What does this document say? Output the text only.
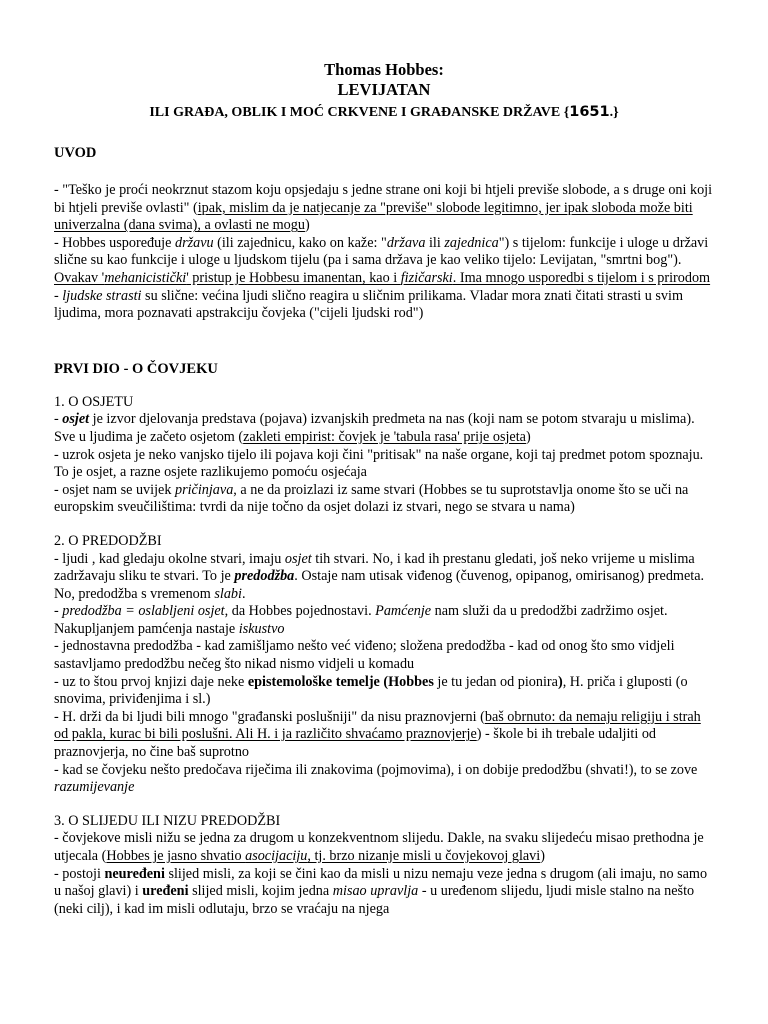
Thomas Hobbes:
LEVIJATAN
ILI GRAĐA, OBLIK I MOĆ CRKVENE I GRAĐANSKE DRŽAVE {1651.}
UVOD

- "Teško je proći neokrznut stazom koju opsjedaju s jedne strane oni koji bi htjeli previše slobode, a s druge oni koji bi htjeli previše ovlasti" (ipak, mislim da je natjecanje za "previše" slobode legitimno, jer ipak sloboda može biti univerzalna (dana svima), a ovlasti ne mogu)

- Hobbes uspoređuje državu (ili zajednicu, kako on kaže: "država ili zajednica") s tijelom: funkcije i uloge u državi slične su kao funkcije i uloge u ljudskom tijelu (pa i sama država je kao veliko tijelo: Levijatan, "smrtni bog"). Ovakav 'mehanicistički' pristup je Hobbesu imanentan, kao i fizičarski. Ima mnogo usporedbi s tijelom i s prirodom

- ljudske strasti su slične: većina ljudi slično reagira u sličnim prilikama. Vladar mora znati čitati strasti u svim ljudima, mora poznavati apstrakciju čovjeka ("cijeli ljudski rod")

PRVI DIO - O ČOVJEKU
1. O OSJETU

- osjet je izvor djelovanja predstava (pojava) izvanjskih predmeta na nas (koji nam se potom stvaraju u mislima). Sve u ljudima je začeto osjetom (zakleti empirist: čovjek je 'tabula rasa' prije osjeta)

- uzrok osjeta je neko vanjsko tijelo ili pojava koji čini "pritisak" na naše organe, koji taj predmet potom spoznaju. To je osjet, a razne osjete razlikujemo pomoću osjećaja

- osjet nam se uvijek pričinjava, a ne da proizlazi iz same stvari (Hobbes se tu suprotstavlja onome što se uči na europskim sveučilištima: tvrdi da nije točno da osjet dolazi iz stvari, nego se stvara u nama)

2. O PREDODŽBI

- ljudi , kad gledaju okolne stvari, imaju osjet tih stvari. No, i kad ih prestanu gledati, još neko vrijeme u mislima zadržavaju sliku te stvari. To je predodžba. Ostaje nam utisak viđenog (čuvenog, opipanog, omirisanog) predmeta. No, predodžba s vremenom slabi.

- predodžba = oslabljeni osjet, da Hobbes pojednostavi. Pamćenje nam služi da u predodžbi zadržimo osjet. Nakupljanjem pamćenja nastaje iskustvo

- jednostavna predodžba - kad zamišljamo nešto već viđeno; složena predodžba - kad od onog što smo vidjeli sastavljamo predodžbu nečeg što nikad nismo vidjeli u komadu

- uz to štou prvoj knjizi daje neke epistemološke temelje (Hobbes je tu jedan od pionira), H. priča i gluposti (o snovima, priviđenjima i sl.)

- H. drži da bi ljudi bili mnogo "građanski poslušniji" da nisu praznovjerni (baš obrnuto: da nemaju religiju i strah od pakla, kurac bi bili poslušni. Ali H. i ja različito shvaćamo praznovjerje) - škole bi ih trebale udaljiti od praznovjerja, no čine baš suprotno

- kad se čovjeku nešto predočava riječima ili znakovima (pojmovima), i on dobije predodžbu (shvati!), to se zove razumijevanje

3. O SLIJEDU ILI NIZU PREDODŽBI

- čovjekove misli nižu se jedna za drugom u konzekventnom slijedu. Dakle, na svaku slijedeću misao prethodna je utjecala (Hobbes je jasno shvatio asocijaciju, tj. brzo nizanje misli u čovjekovoj glavi)

- postoji neuređeni slijed misli, za koji se čini kao da misli u nizu nemaju veze jedna s drugom (ali imaju, no samo u našoj glavi) i uređeni slijed misli, kojim jedna misao upravlja - u uređenom slijedu, ljudi misle stalno na nešto (neki cilj), i kad im misli odlutaju, brzo se vraćaju na njega
